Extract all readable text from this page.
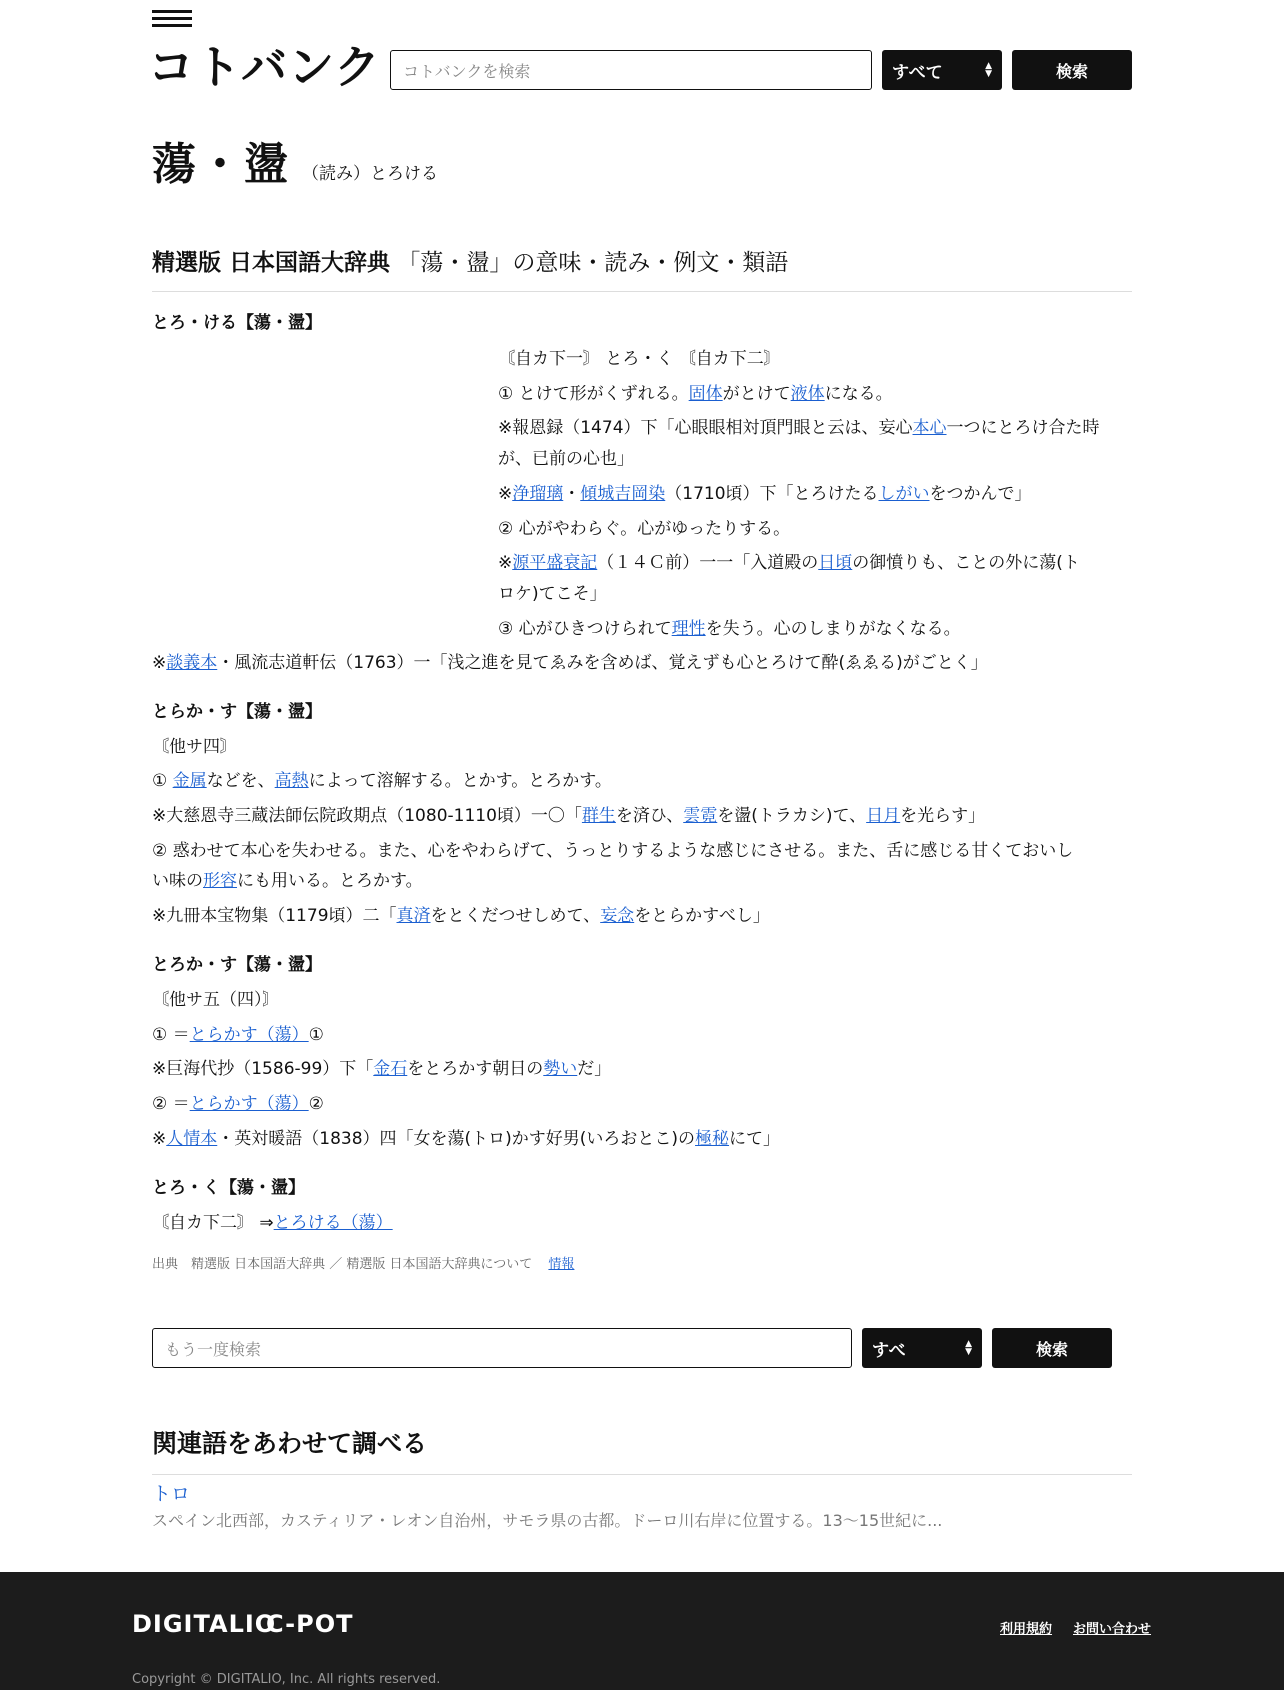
コトバンク	コトバンクを検索	すべて	▲
▼	検索
蕩・盪 （読み）とろける
精選版 日本国語大辞典 「蕩・盪」の意味・読み・例文・類語
とろ・ける【蕩・盪】
〘自カ下一〙 とろ・く 〘自カ下二〙
① とけて形がくずれる。固体がとけて液体になる。
※報恩録（1474）下「心眼眼相対頂門眼と云は、妄心本心一つにとろけ合た時
が、已前の心也」
※浄瑠璃・傾城吉岡染（1710頃）下「とろけたるしがいをつかんで」
② 心がやわらぐ。心がゆったりする。
※源平盛衰記（１４Ｃ前）一一「入道殿の日頃の御憤りも、ことの外に蕩(ト
ロケ)てこそ」
③ 心がひきつけられて理性を失う。心のしまりがなくなる。
※談義本・風流志道軒伝（1763）一「浅之進を見てゑみを含めば、覚えずも心とろけて酔(ゑゑる)がごとく」
とらか・す【蕩・盪】
〘他サ四〙
① 金属などを、高熱によって溶解する。とかす。とろかす。
※大慈恩寺三蔵法師伝院政期点（1080‐1110頃）一〇「群生を済ひ、雲霓を盪(トラカシ)て、日月を光らす」
② 惑わせて本心を失わせる。また、心をやわらげて、うっとりするような感じにさせる。また、舌に感じる甘くておいし
い味の形容にも用いる。とろかす。
※九冊本宝物集（1179頃）二「真済をとくだつせしめて、妄念をとらかすべし」
とろか・す【蕩・盪】
〘他サ五（四）〙
① ＝とらかす（蕩）①
※巨海代抄（1586‐99）下「金石をとろかす朝日の勢いだ」
② ＝とらかす（蕩）②
※人情本・英対暖語（1838）四「女を蕩(トロ)かす好男(いろおとこ)の極秘にて」
とろ・く【蕩・盪】
〘自カ下二〙 ⇒とろける（蕩）
出典　精選版 日本国語大辞典 ／ 精選版 日本国語大辞典について 情報
もう一度検索	すべ	▲
▼	検索
関連語をあわせて調べる
トロ
スペイン北西部，カスティリア・レオン自治州，サモラ県の古都。ドーロ川右岸に位置する。13～15世紀に...
DIGITALIO
C-POT	利用規約 お問い合わせ
Copyright © DIGITALIO, Inc. All rights reserved.
